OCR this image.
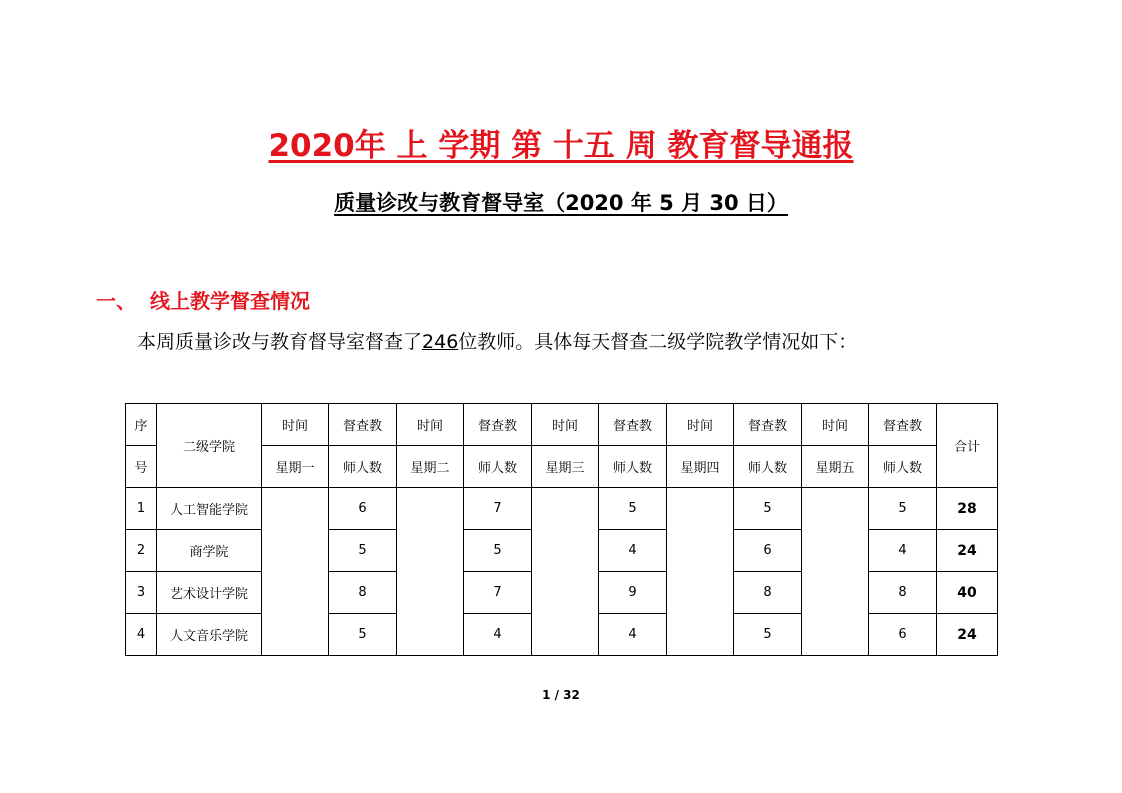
2020年 上 学期 第 十五 周 教育督导通报
质量诊改与教育督导室（2020 年 5 月 30 日）
一、 线上教学督查情况
本周质量诊改与教育督导室督查了246位教师。具体每天督查二级学院教学情况如下：
序	二级学院	时间	督查教	时间	督查教	时间	督查教	时间	督查教	时间	督查教	合计
号		星期一	师人数	星期二	师人数	星期三	师人数	星期四	师人数	星期五	师人数	
1	人工智能学院		6		7		5		5		5	28
2	商学院		5		5		4		6		4	24
3	艺术设计学院		8		7		9		8		8	40
4	人文音乐学院		5		4		4		5		6	24
1 / 32
